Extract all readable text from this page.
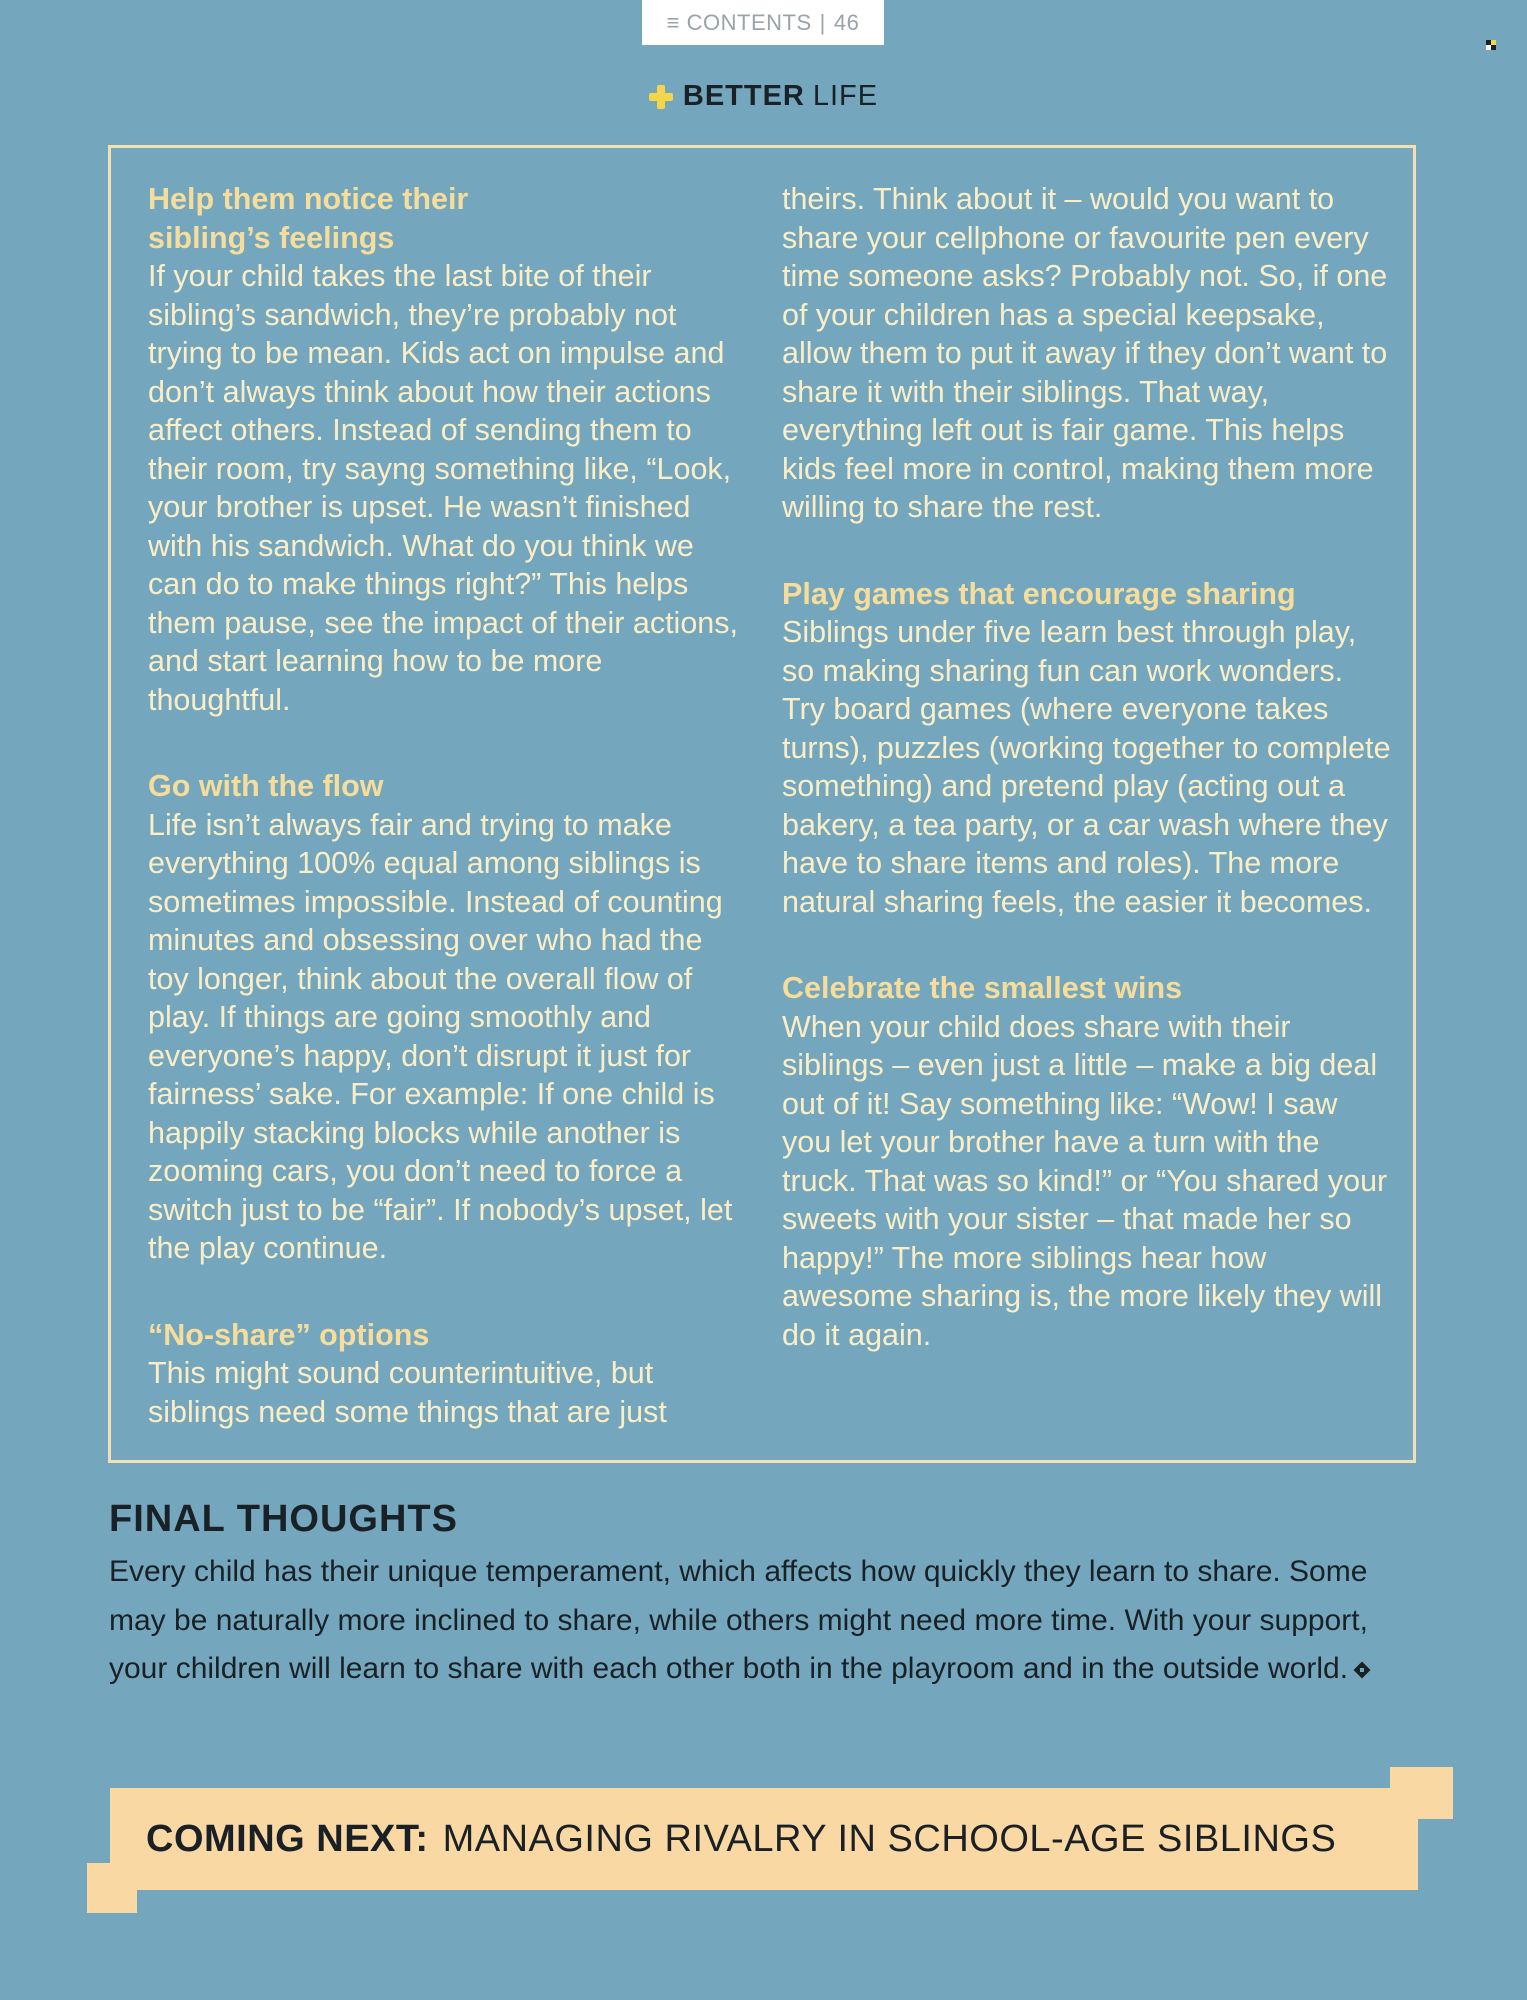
≡ CONTENTS | 46
BETTER LIFE
Help them notice their
sibling’s feelings

If your child takes the last bite of their sibling’s sandwich, they’re probably not trying to be mean. Kids act on impulse and don’t always think about how their actions affect others. Instead of sending them to their room, try sayng something like, “Look, your brother is upset. He wasn’t finished with his sandwich. What do you think we can do to make things right?” This helps them pause, see the impact of their actions, and start learning how to be more thoughtful.

Go with the flow

Life isn’t always fair and trying to make everything 100% equal among siblings is sometimes impossible. Instead of counting minutes and obsessing over who had the toy longer, think about the overall flow of play. If things are going smoothly and everyone’s happy, don’t disrupt it just for fairness’ sake. For example: If one child is happily stacking blocks while another is zooming cars, you don’t need to force a switch just to be “fair”. If nobody’s upset, let the play continue.

“No-share” options

This might sound counterintuitive, but siblings need some things that are just

theirs. Think about it – would you want to share your cellphone or favourite pen every time someone asks? Probably not. So, if one of your children has a special keepsake, allow them to put it away if they don’t want to share it with their siblings. That way, everything left out is fair game. This helps kids feel more in control, making them more willing to share the rest.

Play games that encourage sharing

Siblings under five learn best through play, so making sharing fun can work wonders. Try board games (where everyone takes turns), puzzles (working together to complete something) and pretend play (acting out a bakery, a tea party, or a car wash where they have to share items and roles). The more natural sharing feels, the easier it becomes.

Celebrate the smallest wins

When your child does share with their siblings – even just a little – make a big deal out of it! Say something like: “Wow! I saw you let your brother have a turn with the truck. That was so kind!” or “You shared your sweets with your sister – that made her so happy!” The more siblings hear how awesome sharing is, the more likely they will do it again.

FINAL THOUGHTS

Every child has their unique temperament, which affects how quickly they learn to share. Some may be naturally more inclined to share, while others might need more time. With your support, your children will learn to share with each other both in the playroom and in the outside world.

COMING NEXT: MANAGING RIVALRY IN SCHOOL-AGE SIBLINGS
